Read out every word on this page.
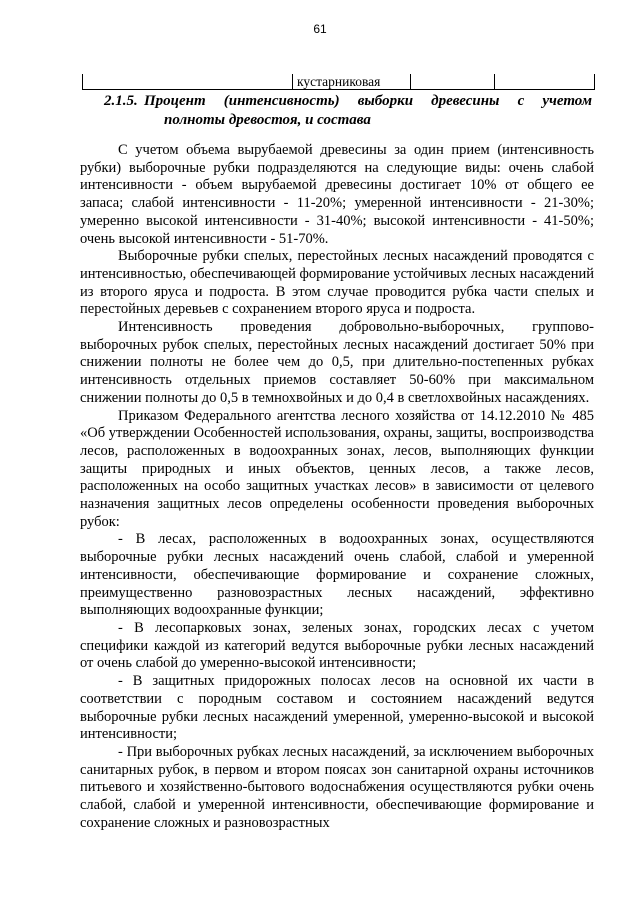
61
	кустарниковая		
2.1.5. Процент (интенсивность) выборки древесины с учетом
полноты древостоя, и состава

С учетом объема вырубаемой древесины за один прием (интенсивность рубки) выборочные рубки подразделяются на следующие виды: очень слабой интенсивности - объем вырубаемой древесины достигает 10% от общего ее запаса; слабой интенсивности - 11-20%; умеренной интенсивности - 21-30%; умеренно высокой интенсивности - 31-40%; высокой интенсивности - 41-50%; очень высокой интенсивности - 51-70%.

Выборочные рубки спелых, перестойных лесных насаждений проводятся с интенсивностью, обеспечивающей формирование устойчивых лесных насаждений из второго яруса и подроста. В этом случае проводится рубка части спелых и перестойных деревьев с сохранением второго яруса и подроста.

Интенсивность проведения добровольно-выборочных, группово-выборочных рубок спелых, перестойных лесных насаждений достигает 50% при снижении полноты не более чем до 0,5, при длительно-постепенных рубках интенсивность отдельных приемов составляет 50-60% при максимальном снижении полноты до 0,5 в темнохвойных и до 0,4 в светлохвойных насаждениях.

Приказом Федерального агентства лесного хозяйства от 14.12.2010 № 485 «Об утверждении Особенностей использования, охраны, защиты, воспроизводства лесов, расположенных в водоохранных зонах, лесов, выполняющих функции защиты природных и иных объектов, ценных лесов, а также лесов, расположенных на особо защитных участках лесов» в зависимости от целевого назначения защитных лесов определены особенности проведения выборочных рубок:

- В лесах, расположенных в водоохранных зонах, осуществляются выборочные рубки лесных насаждений очень слабой, слабой и умеренной интенсивности, обеспечивающие формирование и сохранение сложных, преимущественно разновозрастных лесных насаждений, эффективно выполняющих водоохранные функции;

- В лесопарковых зонах, зеленых зонах, городских лесах с учетом специфики каждой из категорий ведутся выборочные рубки лесных насаждений от очень слабой до умеренно-высокой интенсивности;

- В защитных придорожных полосах лесов на основной их части в соответствии с породным составом и состоянием насаждений ведутся выборочные рубки лесных насаждений умеренной, умеренно-высокой и высокой интенсивности;

- При выборочных рубках лесных насаждений, за исключением выборочных санитарных рубок, в первом и втором поясах зон санитарной охраны источников питьевого и хозяйственно-бытового водоснабжения осуществляются рубки очень слабой, слабой и умеренной интенсивности, обеспечивающие формирование и сохранение сложных и разновозрастных
